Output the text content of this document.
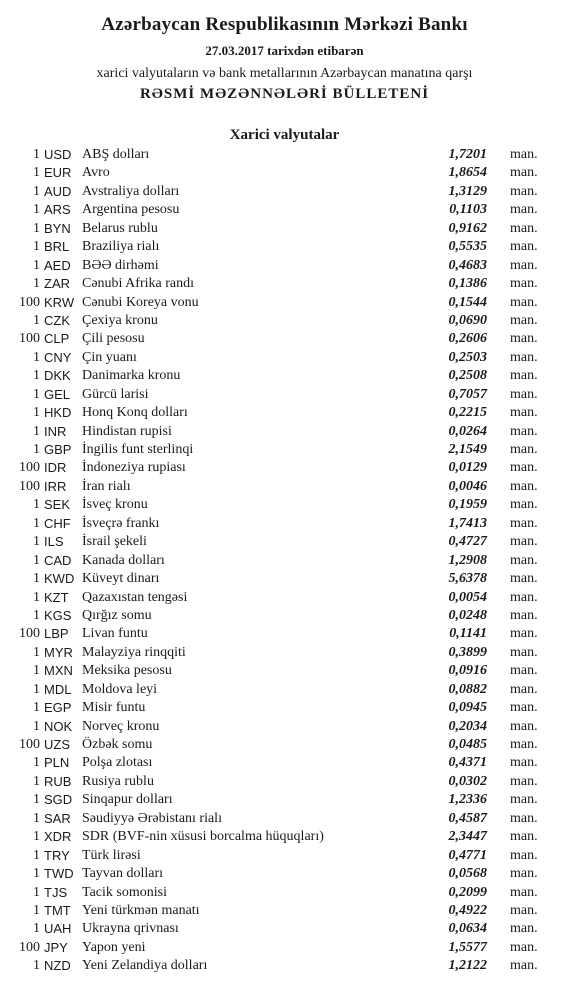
Azərbaycan Respublikasının Mərkəzi Bankı
27.03.2017 tarixdən etibarən
xarici valyutaların və bank metallarının Azərbaycan manatına qarşı
RƏSMİ MƏZƏNNƏLƏRİ BÜLLETENİ
Xarici valyutalar
1 USD ABŞ dolları	1,7201 man.
1 EUR Avro	1,8654 man.
1 AUD Avstraliya dolları	1,3129 man.
1 ARS Argentina pesosu	0,1103 man.
1 BYN Belarus rublu	0,9162 man.
1 BRL Braziliya rialı	0,5535 man.
1 AED BƏƏ dirhəmi	0,4683 man.
1 ZAR Cənubi Afrika randı	0,1386 man.
100 KRW Cənubi Koreya vonu	0,1544 man.
1 CZK Çexiya kronu	0,0690 man.
100 CLP Çili pesosu	0,2606 man.
1 CNY Çin yuanı	0,2503 man.
1 DKK Danimarka kronu	0,2508 man.
1 GEL Gürcü larisi	0,7057 man.
1 HKD Honq Konq dolları	0,2215 man.
1 INR Hindistan rupisi	0,0264 man.
1 GBP İngilis funt sterlinqi	2,1549 man.
100 IDR İndoneziya rupiası	0,0129 man.
100 IRR İran rialı	0,0046 man.
1 SEK İsveç kronu	0,1959 man.
1 CHF İsveçrə frankı	1,7413 man.
1 ILS İsrail şekeli	0,4727 man.
1 CAD Kanada dolları	1,2908 man.
1 KWD Küveyt dinarı	5,6378 man.
1 KZT Qazaxıstan tengəsi	0,0054 man.
1 KGS Qırğız somu	0,0248 man.
100 LBP Livan funtu	0,1141 man.
1 MYR Malayziya rinqqiti	0,3899 man.
1 MXN Meksika pesosu	0,0916 man.
1 MDL Moldova leyi	0,0882 man.
1 EGP Misir funtu	0,0945 man.
1 NOK Norveç kronu	0,2034 man.
100 UZS Özbək somu	0,0485 man.
1 PLN Polşa zlotası	0,4371 man.
1 RUB Rusiya rublu	0,0302 man.
1 SGD Sinqapur dolları	1,2336 man.
1 SAR Səudiyyə Ərəbistanı rialı	0,4587 man.
1 XDR SDR (BVF-nin xüsusi borcalma hüquqları)	2,3447 man.
1 TRY Türk lirəsi	0,4771 man.
1 TWD Tayvan dolları	0,0568 man.
1 TJS Tacik somonisi	0,2099 man.
1 TMT Yeni türkmən manatı	0,4922 man.
1 UAH Ukrayna qrivnası	0,0634 man.
100 JPY Yapon yeni	1,5577 man.
1 NZD Yeni Zelandiya dolları	1,2122 man.
